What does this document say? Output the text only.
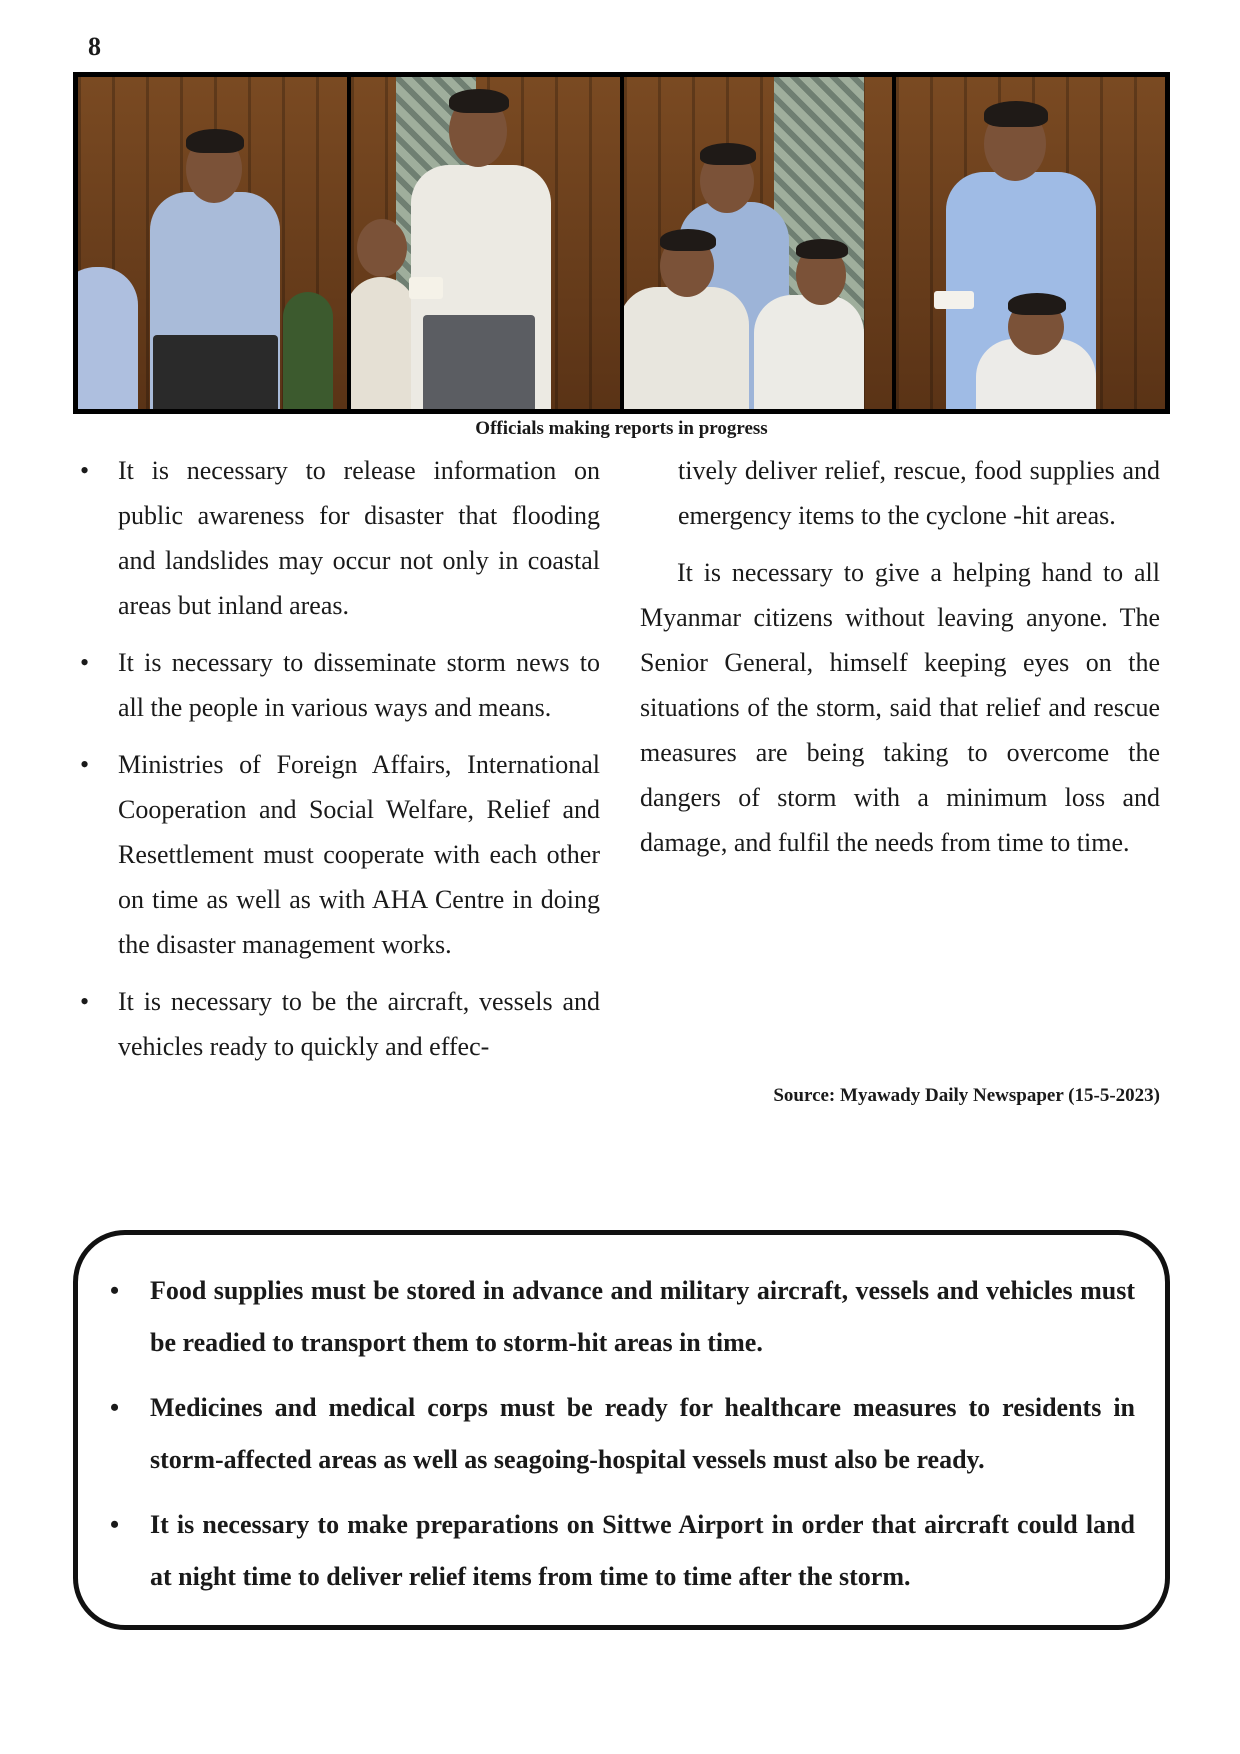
8
Officials making reports in progress
• It is necessary to release information on public awareness for disaster that flooding and landslides may occur not only in coastal areas but inland areas.
• It is necessary to disseminate storm news to all the people in various ways and means.
• Ministries of Foreign Affairs, International Cooperation and Social Welfare, Relief and Resettlement must cooperate with each other on time as well as with AHA Centre in doing the disaster management works.
• It is necessary to be the aircraft, vessels and vehicles ready to quickly and effec-

tively deliver relief, rescue, food supplies and emergency items to the cyclone -hit areas.

It is necessary to give a helping hand to all Myanmar citizens without leaving anyone. The Senior General, himself keeping eyes on the situations of the storm, said that relief and rescue measures are being taking to overcome the dangers of storm with a minimum loss and damage, and fulfil the needs from time to time.

Source: Myawady Daily Newspaper (15-5-2023)
• Food supplies must be stored in advance and military aircraft, vessels and vehicles must be readied to transport them to storm-hit areas in time.
• Medicines and medical corps must be ready for healthcare measures to residents in storm-affected areas as well as seagoing-hospital vessels must also be ready.
• It is necessary to make preparations on Sittwe Airport in order that aircraft could land at night time to deliver relief items from time to time after the storm.
